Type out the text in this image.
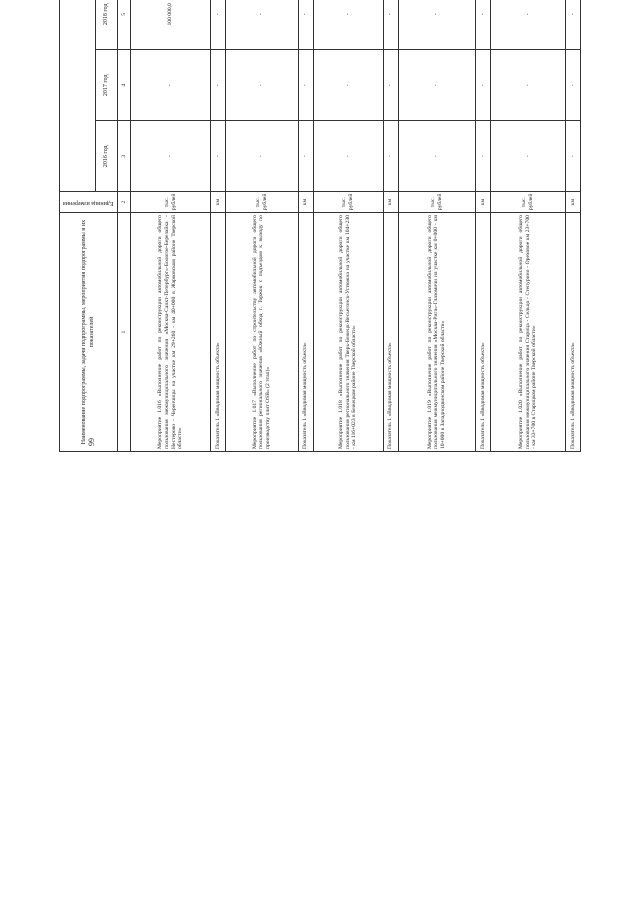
99
Наименование подпрограммы, задачи подпрограммы, мероприятия подпрограммы и их показателей	Единица измерения

		2016 год	2017 год	2018 год					
1	2	3	4	5					
Мероприятие 1.016 «Выполнение работ по реконструкции автомобильной дороги общего пользования межмуниципального значения «Москва-Санкт-Петербург»-Бологое-Березайка - Нестерово - Черенчицы на участке км 29+260 - км 40+000 в Жарковском районе Тверской области»	тыс. рублей	-	-	100 000,0					
Показатель 1 «Вводимая мощность объекта»	км	-	-	-					
Мероприятие 1.017 «Выполнение работ по строительству автомобильной дороги общего пользования регионального значения «Южный обход г. Торжок с подъездом к выходу по производству плит OSB» (2 этап)»	тыс. рублей	-	-	-					
Показатель 1 «Вводимая мощность объекта»	км	-	-	-					
Мероприятие 1.018 «Выполнение работ по реконструкции автомобильной дороги общего пользования регионального значения Тверь-Бежецк-Весьегонск-Устюжна на участке км 104+230 - км 116+023 в Бежецком районе Тверской области»	тыс. рублей	-	-	-					
Показатель 1 «Вводимая мощность объекта»	км	-	-	-					
Мероприятие 1.019 «Выполнение работ по реконструкции автомобильной дороги общего пользования межмуниципального значения «Москва-Рига»-Глазомичи на участке км 0+000 - км 10+000 в Западнодвинском районе Тверской области»	тыс. рублей	-	-	-					
Показатель 1 «Вводимая мощность объекта»	км	-	-	-					
Мероприятие 1.020 «Выполнение работ по реконструкции автомобильной дороги общего пользования межмуниципального значения Старица - Сельцо - Степурино - Ореховое км 23+700 - км 33+700 в Старицком районе Тверской области»	тыс. рублей	-	-	-					
Показатель 1 «Вводимая мощность объекта»	км	-	-	-					
